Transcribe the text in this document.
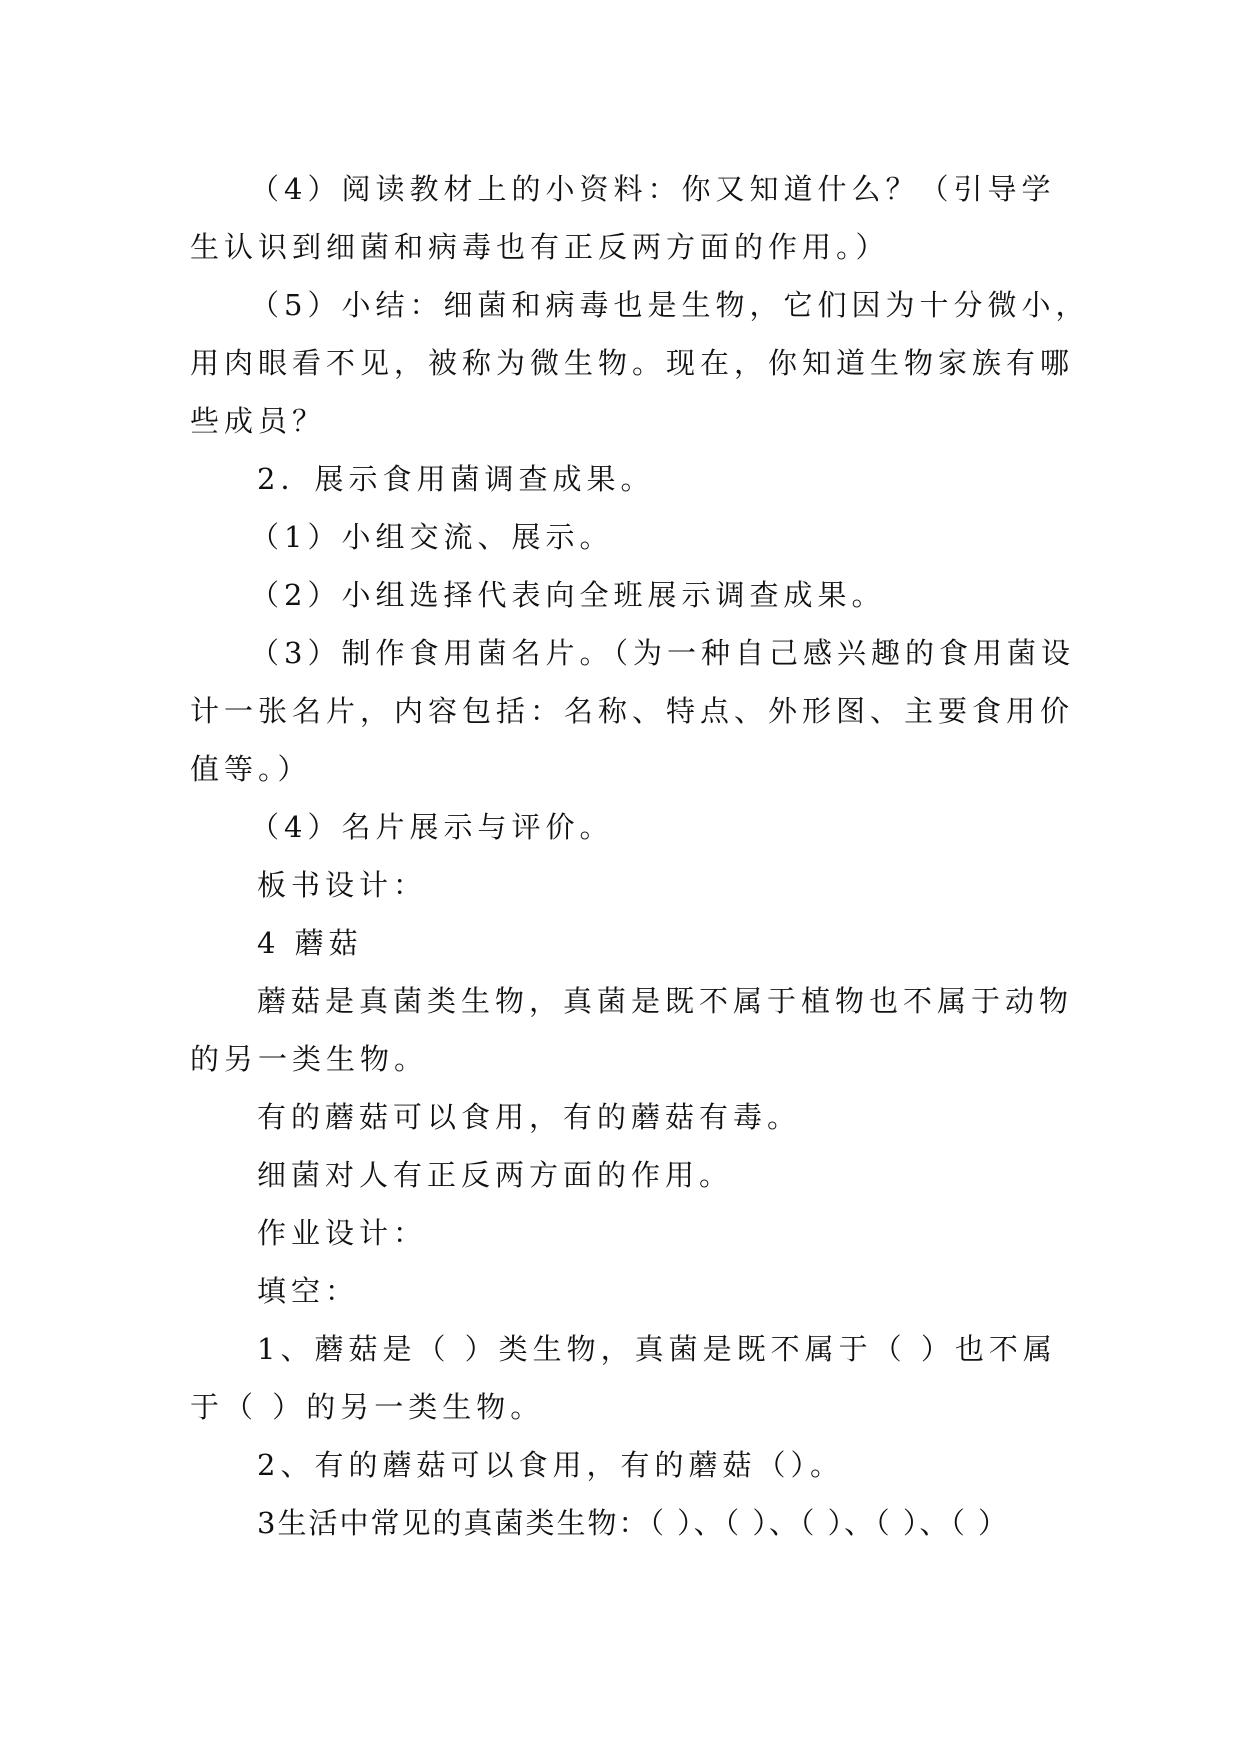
（4）阅读教材上的小资料：你又知道什么？（引导学
生认识到细菌和病毒也有正反两方面的作用。）
（5）小结：细菌和病毒也是生物，它们因为十分微小，
用肉眼看不见，被称为微生物。现在，你知道生物家族有哪
些成员？
2．展示食用菌调查成果。
（1）小组交流、展示。
（2）小组选择代表向全班展示调查成果。
（3）制作食用菌名片。（为一种自己感兴趣的食用菌设
计一张名片，内容包括：名称、特点、外形图、主要食用价
值等。）
（4）名片展示与评价。
板书设计：
4 蘑菇
蘑菇是真菌类生物，真菌是既不属于植物也不属于动物
的另一类生物。
有的蘑菇可以食用，有的蘑菇有毒。
细菌对人有正反两方面的作用。
作业设计：
填空：
1、蘑菇是（ ）类生物，真菌是既不属于（ ）也不属
于（ ）的另一类生物。
2、有的蘑菇可以食用，有的蘑菇（）。
3生活中常见的真菌类生物：（ ）、（ ）、（ ）、（ ）、（ ）
